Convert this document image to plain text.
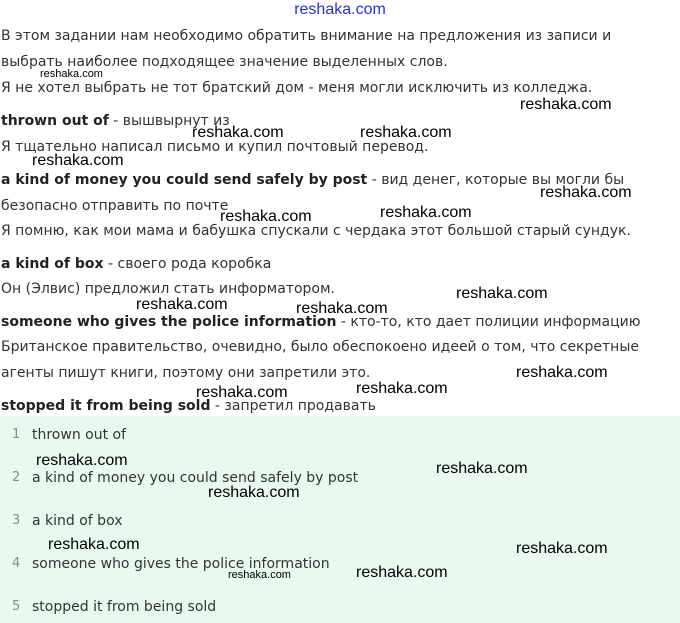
reshaka.com
В этом задании нам необходимо обратить внимание на предложения из записи и
выбрать наиболее подходящее значение выделенных слов.
Я не хотел выбрать не тот братский дом - меня могли исключить из колледжа.
thrown out of - вышвырнут из
Я тщательно написал письмо и купил почтовый перевод.
a kind of money you could send safely by post - вид денег, которые вы могли бы
безопасно отправить по почте
Я помню, как мои мама и бабушка спускали с чердака этот большой старый сундук.
a kind of box - своего рода коробка
Он (Элвис) предложил стать информатором.
someone who gives the police information - кто-то, кто дает полиции информацию
Британское правительство, очевидно, было обеспокоено идеей о том, что секретные
агенты пишут книги, поэтому они запретили это.
stopped it from being sold - запретил продавать
1 thrown out of
2 a kind of money you could send safely by post
3 a kind of box
4 someone who gives the police information
5 stopped it from being sold
reshaka.com
reshaka.com
reshaka.com	reshaka.com
reshaka.com
reshaka.com
reshaka.com	reshaka.com
reshaka.com
reshaka.com	reshaka.com
reshaka.com
reshaka.com	reshaka.com
reshaka.com	reshaka.com
reshaka.com
reshaka.com	reshaka.com
reshaka.com	reshaka.com
